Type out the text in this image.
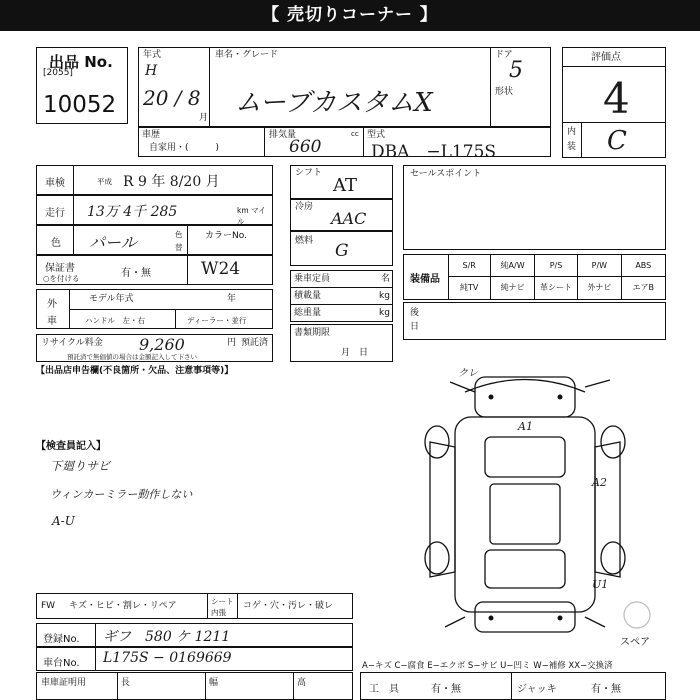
【 売切りコーナー 】
出品 No.
[2055]
10052
年式
H
20 / 8
月
車名・グレード
ムーブカスタムX
ドア
5
形状
評価点
4
内
装 C
車歴
自家用・(　　　)
排気量	cc
660
型式
DBA　−L175S
車検	平成 R 9 年 8/20 月
走行 13万 4千 285	km マイル
色 パール	色
替
カラーNo.
保証書
○を付ける	有・無	W24
外
車
モデル年式	年
ハンドル　左・右	ディーラー・並行
リサイクル料金 9,260	円 預託済
預託済で無価値の場合は金額記入して下さい
【出品店申告欄(不良箇所・欠品、注意事項等)】
シフト
AT
冷房
AAC
燃料 G
乗車定員	名
積載量	kg
総重量	kg
書類期限
月　日
セールスポイント
装備品
S/R	純A/W	P/S	P/W	ABS
純TV	純ナビ	革シート	外ナビ	エアB
後
日
【検査員記入】
下廻りサビ
ウィンカーミラー動作しない
A-U
クレ
A1
A2
U1
スペア
FW キズ・ヒビ・割レ・リペア	シート
内張
コゲ・穴・汚レ・破レ
登録No. ギフ　580 ケ 1211
車台No. L175S − 0169669	A−キズ C−腐食 E−エクボ S−サビ U−凹ミ W−補修 XX−交換済
車庫証明用	長	幅	高
工　具	有・無	ジャッキ	有・無
